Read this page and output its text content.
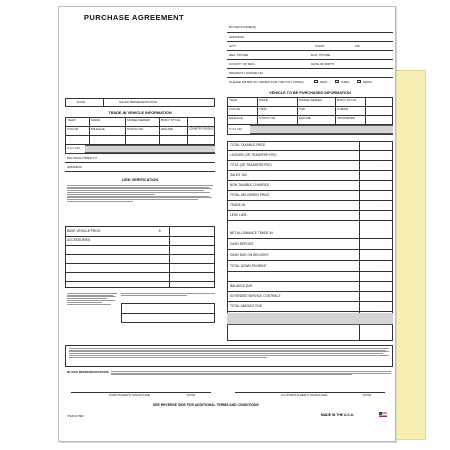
PURCHASE AGREEMENT
BUYER'S NAME(S)
ADDRESS
CITY	STATE	ZIP
RES. PHONE	BUS. PHONE
COUNTY OF RES.	DATE OF BIRTH
DRIVER'S LICENSE NO.
PLEASE ENTER MY ORDER FOR THE FOLLOWING:	NEW	USED	DEMO
DATE	SALES REPRESENTATIVE
VEHICLE TO BE PURCHASED INFORMATION
YEAR	MAKE	MODEL/SERIES	BODY STYLE
COLOR	TRIM	TOP	STRIPE
MILEAGE	STOCK NO.	ENGINE	ODOMETER
V.I.N. NO.
TRADE-IN VEHICLE INFORMATION
YEAR	MAKE	MODEL/SERIES	BODY STYLE
COLOR	MILEAGE	STOCK NO.	ENGINE	ODOMETER READING
V.I.N. NO.
BALANCE OWED TO
ADDRESS
LIEN VERIFICATION
BASE VEHICLE PRICE	$
ACCESSORIES
TOTAL TAXABLE PRICE
LICENSE (OR TRANSFER FEE)
TITLE (OR TRANSFER FEE)
SALES TAX
NON-TAXABLE CHARGES
TOTAL DELIVERED PRICE
TRADE-IN
LESS LIEN -
NET ALLOWANCE TRADE-IN
CASH DEPOSIT
CASH DUE ON DELIVERY
TOTAL DOWN PAYMENT
BALANCE DUE
EXTENDED SERVICE CONTRACT
TOTAL AMOUNT DUE
BUYER REPRESENTATIONS
PURCHASER'S SIGNATURE	DATE	CO-PURCHASER'S SIGNATURE	DATE
ITEM #7382
SEE REVERSE SIDE FOR ADDITIONAL TERMS AND CONDITIONS
MADE IN THE U.S.A.
